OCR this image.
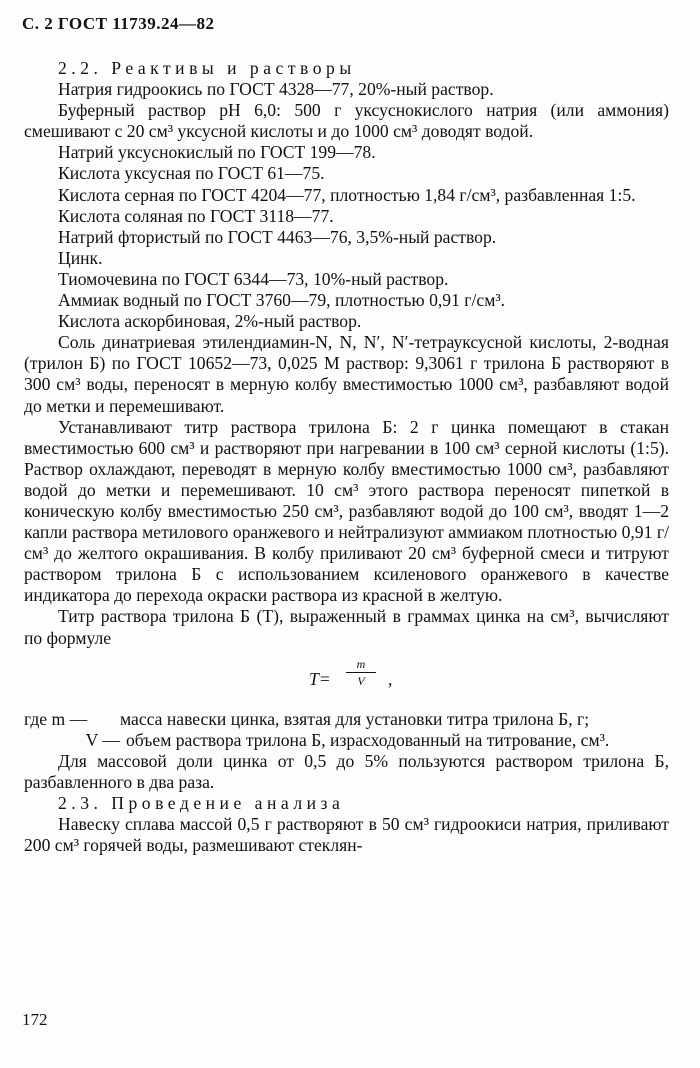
С. 2 ГОСТ 11739.24—82

2.2. Реактивы и растворы

Натрия гидроокись по ГОСТ 4328—77, 20%-ный раствор.

Буферный раствор pH 6,0: 500 г уксуснокислого натрия (или аммония) смешивают с 20 см³ уксусной кислоты и до 1000 см³ доводят водой.

Натрий уксуснокислый по ГОСТ 199—78.

Кислота уксусная по ГОСТ 61—75.

Кислота серная по ГОСТ 4204—77, плотностью 1,84 г/см³, разбавленная 1:5.

Кислота соляная по ГОСТ 3118—77.

Натрий фтористый по ГОСТ 4463—76, 3,5%-ный раствор.

Цинк.

Тиомочевина по ГОСТ 6344—73, 10%-ный раствор.

Аммиак водный по ГОСТ 3760—79, плотностью 0,91 г/см³.

Кислота аскорбиновая, 2%-ный раствор.

Соль динатриевая этилендиамин-N, N, N′, N′-тетрауксусной кислоты, 2-водная (трилон Б) по ГОСТ 10652—73, 0,025 М раствор: 9,3061 г трилона Б растворяют в 300 см³ воды, переносят в мерную колбу вместимостью 1000 см³, разбавляют водой до метки и перемешивают.

Устанавливают титр раствора трилона Б: 2 г цинка помещают в стакан вместимостью 600 см³ и растворяют при нагревании в 100 см³ серной кислоты (1:5). Раствор охлаждают, переводят в мерную колбу вместимостью 1000 см³, разбавляют водой до метки и перемешивают. 10 см³ этого раствора переносят пипеткой в коническую колбу вместимостью 250 см³, разбавляют водой до 100 см³, вводят 1—2 капли раствора метилового оранжевого и нейтрализуют аммиаком плотностью 0,91 г/см³ до желтого окрашивания. В колбу приливают 20 см³ буферной смеси и титруют раствором трилона Б с использованием ксиленового оранжевого в качестве индикатора до перехода окраски раствора из красной в желтую.

Титр раствора трилона Б (T), выраженный в граммах цинка на см³, вычисляют по формуле

T=
m
V	,
где m —	масса навески цинка, взятая для установки титра трилона Б, г;
V — объем раствора трилона Б, израсходованный на титрование, см³.

Для массовой доли цинка от 0,5 до 5% пользуются раствором трилона Б, разбавленного в два раза.

2.3. Проведение анализа

Навеску сплава массой 0,5 г растворяют в 50 см³ гидроокиси натрия, приливают 200 см³ горячей воды, размешивают стеклян-

172
